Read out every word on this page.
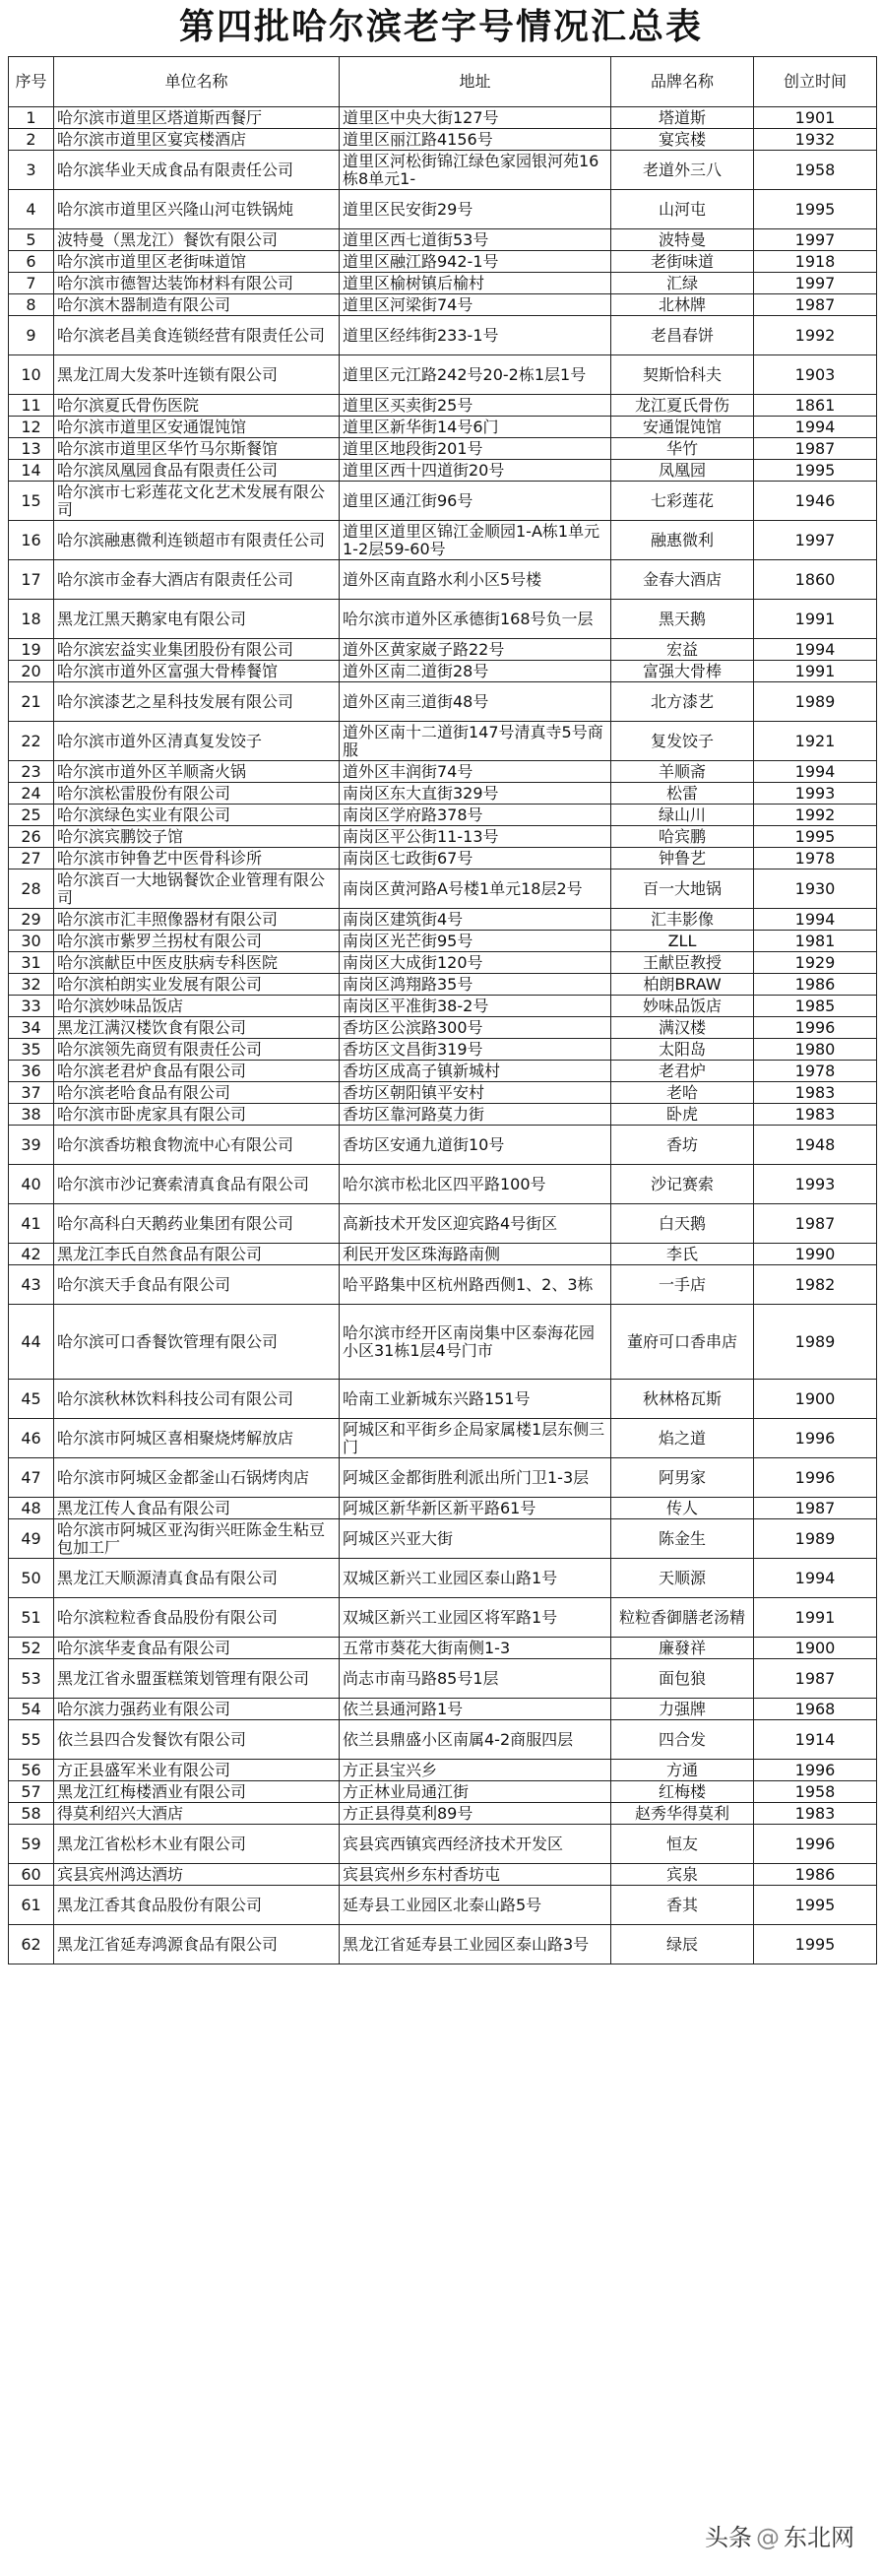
第四批哈尔滨老字号情况汇总表
序号	单位名称	地址	品牌名称	创立时间
1	哈尔滨市道里区塔道斯西餐厅	道里区中央大街127号	塔道斯	1901
2	哈尔滨市道里区宴宾楼酒店	道里区丽江路4156号	宴宾楼	1932
3	哈尔滨华业天成食品有限责任公司	道里区河松街锦江绿色家园银河苑16栋8单元1-	老道外三八	1958
4	哈尔滨市道里区兴隆山河屯铁锅炖	道里区民安街29号	山河屯	1995
5	波特曼（黑龙江）餐饮有限公司	道里区西七道街53号	波特曼	1997
6	哈尔滨市道里区老街味道馆	道里区融江路942-1号	老街味道	1918
7	哈尔滨市德智达装饰材料有限公司	道里区榆树镇后榆村	汇绿	1997
8	哈尔滨木器制造有限公司	道里区河梁街74号	北林牌	1987
9	哈尔滨老昌美食连锁经营有限责任公司	道里区经纬街233-1号	老昌春饼	1992
10	黑龙江周大发茶叶连锁有限公司	道里区元江路242号20-2栋1层1号	契斯恰科夫	1903
11	哈尔滨夏氏骨伤医院	道里区买卖街25号	龙江夏氏骨伤	1861
12	哈尔滨市道里区安通馄饨馆	道里区新华街14号6门	安通馄饨馆	1994
13	哈尔滨市道里区华竹马尔斯餐馆	道里区地段街201号	华竹	1987
14	哈尔滨凤凰园食品有限责任公司	道里区西十四道街20号	凤凰园	1995
15	哈尔滨市七彩莲花文化艺术发展有限公司	道里区通江街96号	七彩莲花	1946
16	哈尔滨融惠微利连锁超市有限责任公司	道里区道里区锦江金顺园1-A栋1单元1-2层59-60号	融惠微利	1997
17	哈尔滨市金春大酒店有限责任公司	道外区南直路水利小区5号楼	金春大酒店	1860
18	黑龙江黑天鹅家电有限公司	哈尔滨市道外区承德街168号负一层	黑天鹅	1991
19	哈尔滨宏益实业集团股份有限公司	道外区黄家崴子路22号	宏益	1994
20	哈尔滨市道外区富强大骨棒餐馆	道外区南二道街28号	富强大骨棒	1991
21	哈尔滨漆艺之星科技发展有限公司	道外区南三道街48号	北方漆艺	1989
22	哈尔滨市道外区清真复发饺子	道外区南十二道街147号清真寺5号商服	复发饺子	1921
23	哈尔滨市道外区羊顺斋火锅	道外区丰润街74号	羊顺斋	1994
24	哈尔滨松雷股份有限公司	南岗区东大直街329号	松雷	1993
25	哈尔滨绿色实业有限公司	南岗区学府路378号	绿山川	1992
26	哈尔滨宾鹏饺子馆	南岗区平公街11-13号	哈宾鹏	1995
27	哈尔滨市钟鲁艺中医骨科诊所	南岗区七政街67号	钟鲁艺	1978
28	哈尔滨百一大地锅餐饮企业管理有限公司	南岗区黄河路A号楼1单元18层2号	百一大地锅	1930
29	哈尔滨市汇丰照像器材有限公司	南岗区建筑街4号	汇丰影像	1994
30	哈尔滨市紫罗兰拐杖有限公司	南岗区光芒街95号	ZLL	1981
31	哈尔滨献臣中医皮肤病专科医院	南岗区大成街120号	王献臣教授	1929
32	哈尔滨柏朗实业发展有限公司	南岗区鸿翔路35号	柏朗BRAW	1986
33	哈尔滨妙味品饭店	南岗区平准街38-2号	妙味品饭店	1985
34	黑龙江满汉楼饮食有限公司	香坊区公滨路300号	满汉楼	1996
35	哈尔滨领先商贸有限责任公司	香坊区文昌街319号	太阳岛	1980
36	哈尔滨老君炉食品有限公司	香坊区成高子镇新城村	老君炉	1978
37	哈尔滨老哈食品有限公司	香坊区朝阳镇平安村	老哈	1983
38	哈尔滨市卧虎家具有限公司	香坊区靠河路莫力街	卧虎	1983
39	哈尔滨香坊粮食物流中心有限公司	香坊区安通九道街10号	香坊	1948
40	哈尔滨市沙记赛索清真食品有限公司	哈尔滨市松北区四平路100号	沙记赛索	1993
41	哈尔高科白天鹅药业集团有限公司	高新技术开发区迎宾路4号街区	白天鹅	1987
42	黑龙江李氏自然食品有限公司	利民开发区珠海路南侧	李氏	1990
43	哈尔滨天手食品有限公司	哈平路集中区杭州路西侧1、2、3栋	一手店	1982
44	哈尔滨可口香餐饮管理有限公司	哈尔滨市经开区南岗集中区泰海花园小区31栋1层4号门市	董府可口香串店	1989
45	哈尔滨秋林饮料科技公司有限公司	哈南工业新城东兴路151号	秋林格瓦斯	1900
46	哈尔滨市阿城区喜相聚烧烤解放店	阿城区和平街乡企局家属楼1层东侧三门	焰之道	1996
47	哈尔滨市阿城区金都釜山石锅烤肉店	阿城区金都街胜利派出所门卫1-3层	阿男家	1996
48	黑龙江传人食品有限公司	阿城区新华新区新平路61号	传人	1987
49	哈尔滨市阿城区亚沟街兴旺陈金生粘豆包加工厂	阿城区兴亚大街	陈金生	1989
50	黑龙江天顺源清真食品有限公司	双城区新兴工业园区泰山路1号	天顺源	1994
51	哈尔滨粒粒香食品股份有限公司	双城区新兴工业园区将军路1号	粒粒香御膳老汤精	1991
52	哈尔滨华麦食品有限公司	五常市葵花大街南侧1-3	廉發祥	1900
53	黑龙江省永盟蛋糕策划管理有限公司	尚志市南马路85号1层	面包狼	1987
54	哈尔滨力强药业有限公司	依兰县通河路1号	力强牌	1968
55	依兰县四合发餐饮有限公司	依兰县鼎盛小区南属4-2商服四层	四合发	1914
56	方正县盛军米业有限公司	方正县宝兴乡	方通	1996
57	黑龙江红梅楼酒业有限公司	方正林业局通江街	红梅楼	1958
58	得莫利绍兴大酒店	方正县得莫利89号	赵秀华得莫利	1983
59	黑龙江省松杉木业有限公司	宾县宾西镇宾西经济技术开发区	恒友	1996
60	宾县宾州鸿达酒坊	宾县宾州乡东村香坊屯	宾泉	1986
61	黑龙江香其食品股份有限公司	延寿县工业园区北泰山路5号	香其	1995
62	黑龙江省延寿鸿源食品有限公司	黑龙江省延寿县工业园区泰山路3号	绿辰	1995
头条 @ 东北网
